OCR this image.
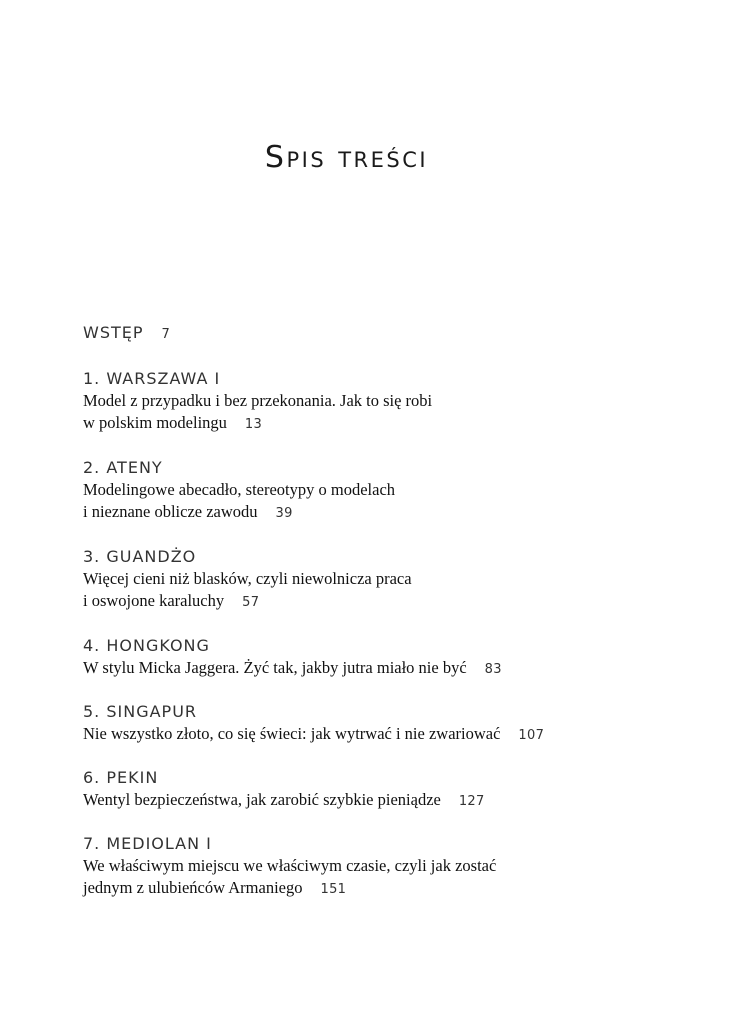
Spis treści
WSTĘP 7
1. WARSZAWA I
Model z przypadku i bez przekonania. Jak to się robi
w polskim modelingu 13
2. ATENY
Modelingowe abecadło, stereotypy o modelach
i nieznane oblicze zawodu 39
3. GUANDŻO
Więcej cieni niż blasków, czyli niewolnicza praca
i oswojone karaluchy 57
4. HONGKONG
W stylu Micka Jaggera. Żyć tak, jakby jutra miało nie być 83
5. SINGAPUR
Nie wszystko złoto, co się świeci: jak wytrwać i nie zwariować 107
6. PEKIN
Wentyl bezpieczeństwa, jak zarobić szybkie pieniądze 127
7. MEDIOLAN I
We właściwym miejscu we właściwym czasie, czyli jak zostać
jednym z ulubieńców Armaniego 151
